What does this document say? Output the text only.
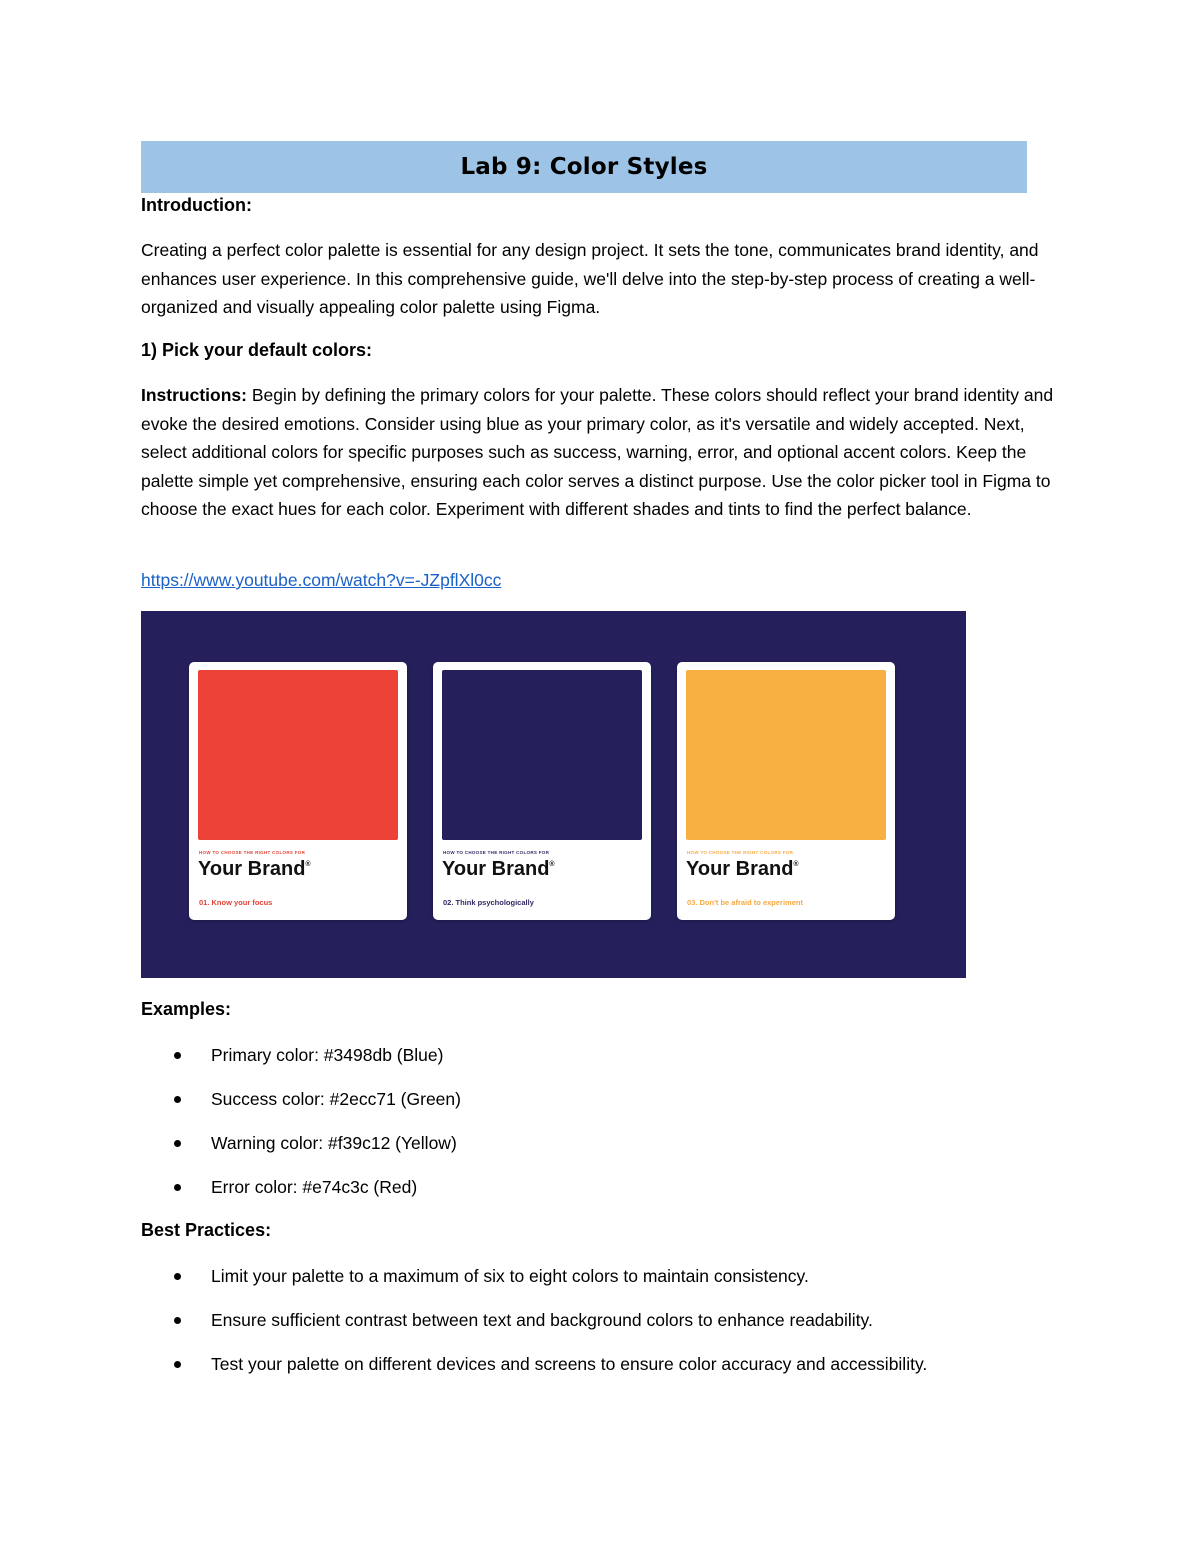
Lab 9: Color Styles
Introduction:
Creating a perfect color palette is essential for any design project. It sets the tone, communicates brand identity, and enhances user experience. In this comprehensive guide, we'll delve into the step-by-step process of creating a well-organized and visually appealing color palette using Figma.
1) Pick your default colors:
Instructions: Begin by defining the primary colors for your palette. These colors should reflect your brand identity and evoke the desired emotions. Consider using blue as your primary color, as it's versatile and widely accepted. Next, select additional colors for specific purposes such as success, warning, error, and optional accent colors. Keep the palette simple yet comprehensive, ensuring each color serves a distinct purpose. Use the color picker tool in Figma to choose the exact hues for each color. Experiment with different shades and tints to find the perfect balance.
https://www.youtube.com/watch?v=-JZpflXl0cc
HOW TO CHOOSE THE RIGHT COLORS FOR
Your Brand®
01. Know your focus
HOW TO CHOOSE THE RIGHT COLORS FOR
Your Brand®
02. Think psychologically
HOW TO CHOOSE THE RIGHT COLORS FOR
Your Brand®
03. Don't be afraid to experiment
Examples:
Primary color: #3498db (Blue)
Success color: #2ecc71 (Green)
Warning color: #f39c12 (Yellow)
Error color: #e74c3c (Red)
Best Practices:
Limit your palette to a maximum of six to eight colors to maintain consistency.
Ensure sufficient contrast between text and background colors to enhance readability.
Test your palette on different devices and screens to ensure color accuracy and accessibility.
